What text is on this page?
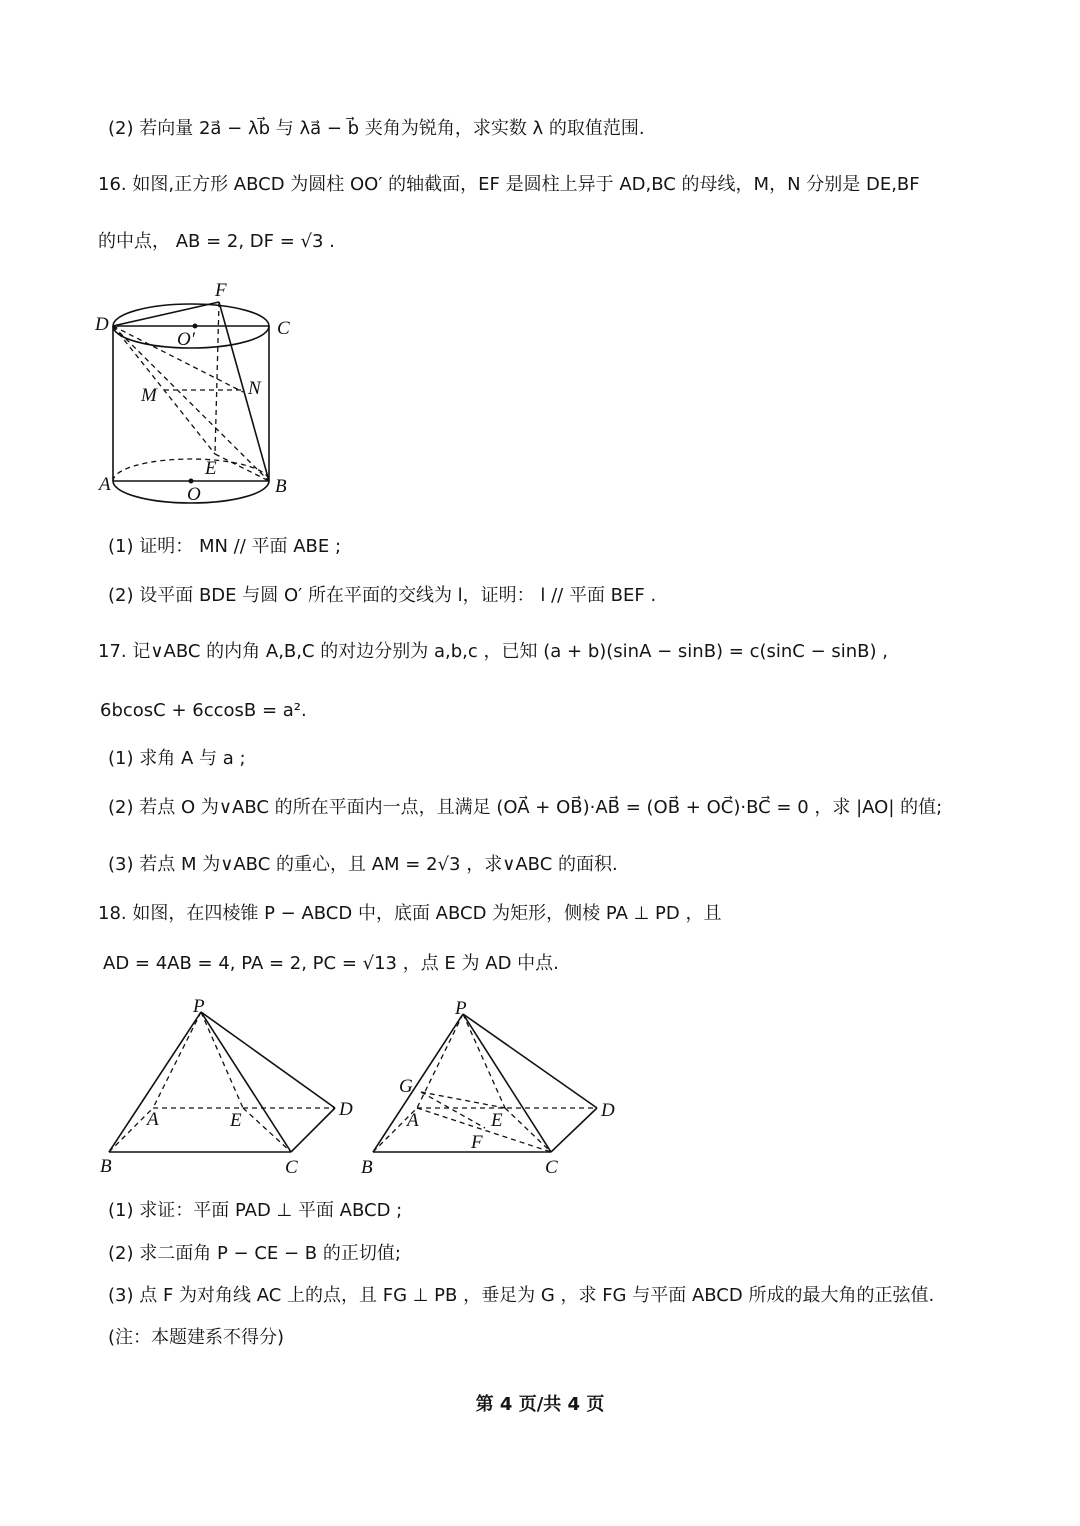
(2) 若向量 2a⃗ − λb⃗ 与 λa⃗ − b⃗ 夹角为锐角，求实数 λ 的取值范围.
16. 如图,正方形 ABCD 为圆柱 OO′ 的轴截面，EF 是圆柱上异于 AD,BC 的母线，M，N 分别是 DE,BF
的中点， AB = 2, DF = √3 .
D	C
F
O′
M	N
E
A	B
O
(1) 证明： MN // 平面 ABE ;
(2) 设平面 BDE 与圆 O′ 所在平面的交线为 l，证明： l // 平面 BEF .
17. 记∨ABC 的内角 A,B,C 的对边分别为 a,b,c ，已知 (a + b)(sinA − sinB) = c(sinC − sinB) ,
6bcosC + 6ccosB = a².
(1) 求角 A 与 a ;
(2) 若点 O 为∨ABC 的所在平面内一点，且满足 (OA⃗ + OB⃗)·AB⃗ = (OB⃗ + OC⃗)·BC⃗ = 0 ，求 |AO| 的值;
(3) 若点 M 为∨ABC 的重心，且 AM = 2√3 ，求∨ABC 的面积.
18. 如图，在四棱锥 P − ABCD 中，底面 ABCD 为矩形，侧棱 PA ⊥ PD ，且
AD = 4AB = 4, PA = 2, PC = √13 ，点 E 为 AD 中点.
P
A	E
D
B	C
P
G
A	E
F
D
B	C
(1) 求证：平面 PAD ⊥ 平面 ABCD ;
(2) 求二面角 P − CE − B 的正切值;
(3) 点 F 为对角线 AC 上的点，且 FG ⊥ PB ，垂足为 G ，求 FG 与平面 ABCD 所成的最大角的正弦值.
(注：本题建系不得分)
第 4 页/共 4 页
